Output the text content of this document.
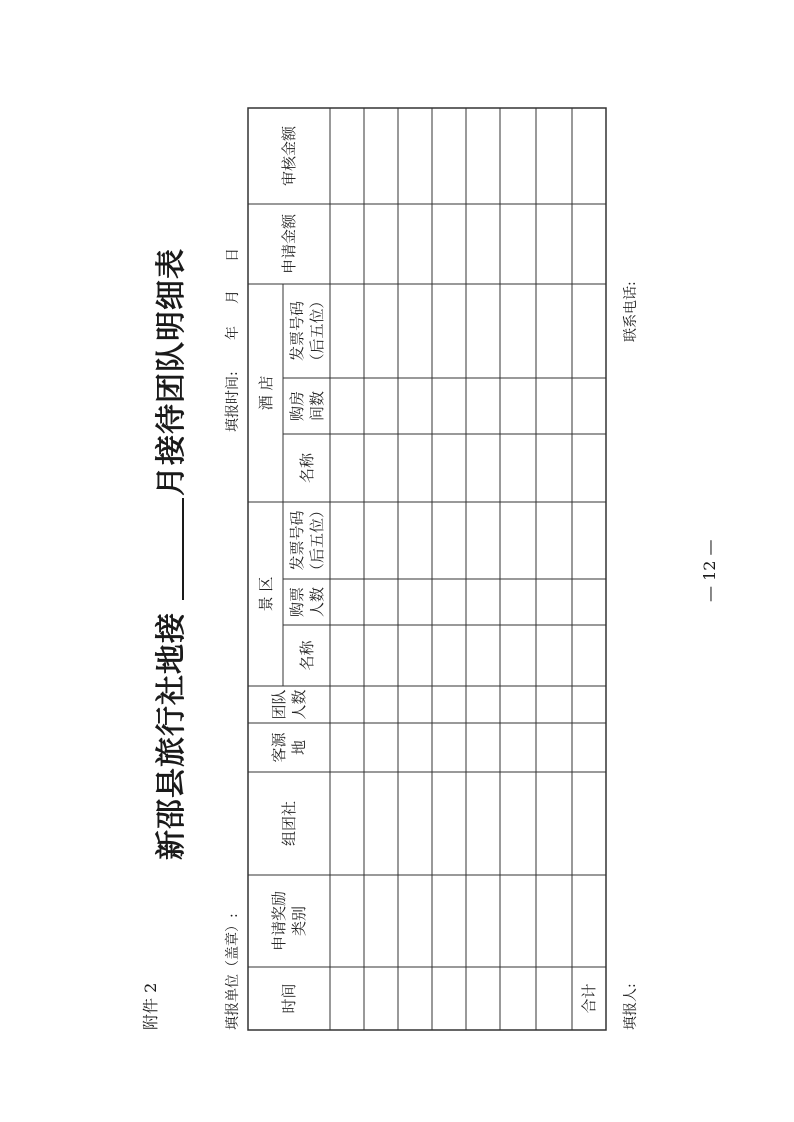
附件 2
新邵县旅行社地接
月接待团队明细表
填报单位（盖章）:
填报时间:
年
月
日
时间
申请奖励 类别
组团社
客源 地
团队 人数
景 区
名称
购票 人数
发票号码 （后五位）
酒 店
名称
购房 间数
发票号码 （后五位）
申请金额
审核金额
合计 填报人:
联系电话:
— 12 —
